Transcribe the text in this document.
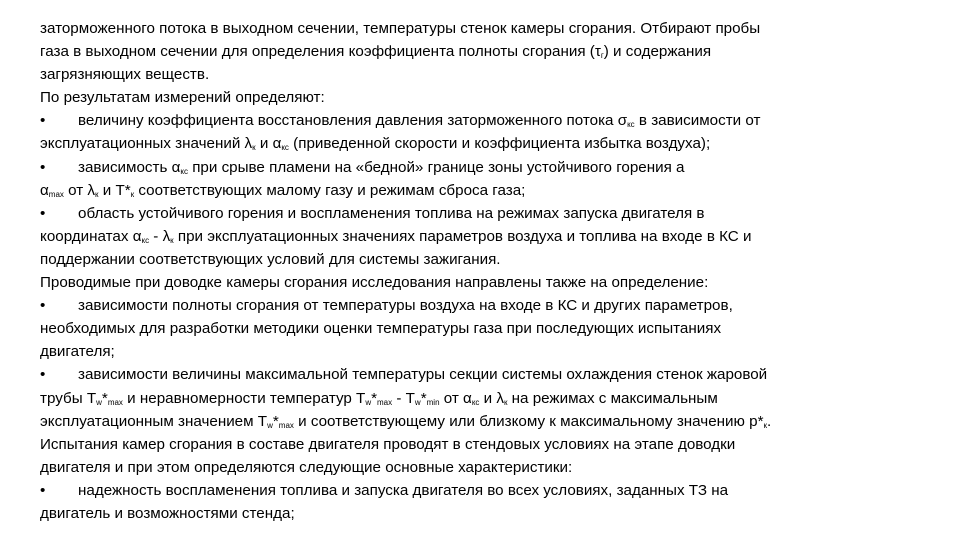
заторможенного потока в выходном сечении, температуры стенок камеры сгорания. Отбирают пробы
газа в выходном сечении для определения коэффициента полноты сгорания $(\tau_г)$ и содержания
загрязняющих веществ.

По результатам измерений определяют:

• величину коэффициента восстановления давления заторможенного потока $\sigma_{кс}$ в зависимости от
эксплуатационных значений $\lambda_к$ и $\alpha_{кс}$ (приведенной скорости и коэффициента избытка воздуха);

• зависимость $\alpha_{кс}$ при срыве пламени на «бедной» границе зоны устойчивого горения а
$\alpha_{max}$ от $\lambda_к$ и $Т*_к$ соответствующих малому газу и режимам сброса газа;

• область устойчивого горения и воспламенения топлива на режимах запуска двигателя в
координатах $\alpha_{кс} - \lambda_к$ при эксплуатационных значениях параметров воздуха и топлива на входе в КС и
поддержании соответствующих условий для системы зажигания.

Проводимые при доводке камеры сгорания исследования направлены также на определение:

• зависимости полноты сгорания от температуры воздуха на входе в КС и других параметров,
необходимых для разработки методики оценки температуры газа при последующих испытаниях
двигателя;

• зависимости величины максимальной температуры секции системы охлаждения стенок жаровой
трубы $Т_w*_{max}$ и неравномерности температур $Т_w*_{max} - Т_w*_{min}$ от $\alpha_{кс}$ и $\lambda_к$ на режимах с максимальным
эксплуатационным значением $Т_w*_{max}$ и соответствующему или близкому к максимальному значению $р*_к$.

Испытания камер сгорания в составе двигателя проводят в стендовых условиях на этапе доводки
двигателя и при этом определяются следующие основные характеристики:

• надежность воспламенения топлива и запуска двигателя во всех условиях, заданных ТЗ на
двигатель и возможностями стенда;
